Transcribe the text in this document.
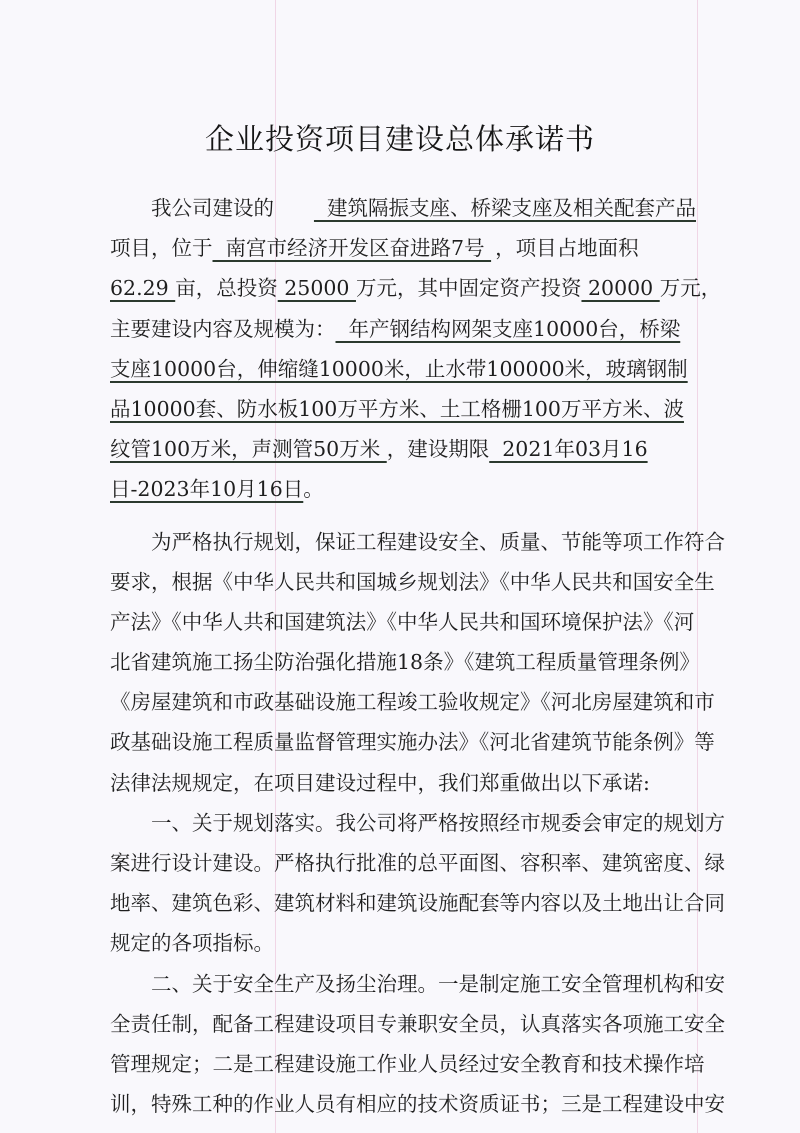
企业投资项目建设总体承诺书
我公司建设的 建筑隔振支座、桥梁支座及相关配套产品
项目，位于 南宫市经济开发区奋进路7号 ，项目占地面积
62.29 亩，总投资 25000 万元，其中固定资产投资 20000 万元，
主要建设内容及规模为： 年产钢结构网架支座10000台，桥梁
支座10000台，伸缩缝10000米，止水带100000米，玻璃钢制
品10000套、防水板100万平方米、土工格栅100万平方米、波
纹管100万米，声测管50万米 ，建设期限 2021年03月16
日-2023年10月16日 。
为严格执行规划，保证工程建设安全、质量、节能等项工作符合
要求，根据《中华人民共和国城乡规划法》《中华人民共和国安全生
产法》《中华人共和国建筑法》《中华人民共和国环境保护法》《河
北省建筑施工扬尘防治强化措施18条》《建筑工程质量管理条例》
《房屋建筑和市政基础设施工程竣工验收规定》《河北房屋建筑和市
政基础设施工程质量监督管理实施办法》《河北省建筑节能条例》等
法律法规规定，在项目建设过程中，我们郑重做出以下承诺:
一、关于规划落实。我公司将严格按照经市规委会审定的规划方
案进行设计建设。严格执行批准的总平面图、容积率、建筑密度、绿
地率、建筑色彩、建筑材料和建筑设施配套等内容以及土地出让合同
规定的各项指标。
二、关于安全生产及扬尘治理。一是制定施工安全管理机构和安
全责任制，配备工程建设项目专兼职安全员，认真落实各项施工安全
管理规定；二是工程建设施工作业人员经过安全教育和技术操作培
训，特殊工种的作业人员有相应的技术资质证书；三是工程建设中安
